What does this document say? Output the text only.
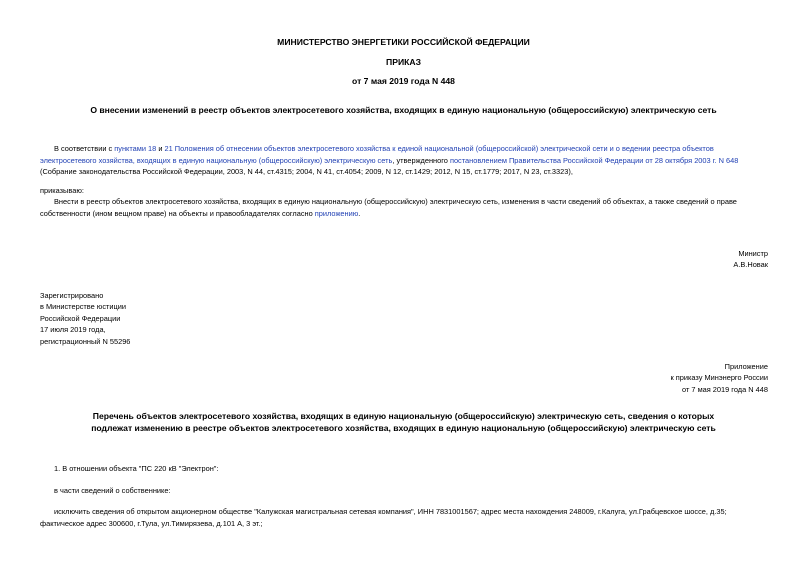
МИНИСТЕРСТВО ЭНЕРГЕТИКИ РОССИЙСКОЙ ФЕДЕРАЦИИ
ПРИКАЗ
от 7 мая 2019 года N 448
О внесении изменений в реестр объектов электросетевого хозяйства, входящих в единую национальную (общероссийскую) электрическую сеть
В соответствии с пунктами 18 и 21 Положения об отнесении объектов электросетевого хозяйства к единой национальной (общероссийской) электрической сети и о ведении реестра объектов электросетевого хозяйства, входящих в единую национальную (общероссийскую) электрическую сеть, утвержденного постановлением Правительства Российской Федерации от 28 октября 2003 г. N 648 (Собрание законодательства Российской Федерации, 2003, N 44, ст.4315; 2004, N 41, ст.4054; 2009, N 12, ст.1429; 2012, N 15, ст.1779; 2017, N 23, ст.3323),
приказываю:
Внести в реестр объектов электросетевого хозяйства, входящих в единую национальную (общероссийскую) электрическую сеть, изменения в части сведений об объектах, а также сведений о праве собственности (ином вещном праве) на объекты и правообладателях согласно приложению.
Министр
А.В.Новак
Зарегистрировано
в Министерстве юстиции
Российской Федерации
17 июля 2019 года,
регистрационный N 55296
Приложение
к приказу Минэнерго России
от 7 мая 2019 года N 448
Перечень объектов электросетевого хозяйства, входящих в единую национальную (общероссийскую) электрическую сеть, сведения о которых подлежат изменению в реестре объектов электросетевого хозяйства, входящих в единую национальную (общероссийскую) электрическую сеть
1. В отношении объекта "ПС 220 кВ "Электрон":
в части сведений о собственнике:
исключить сведения об открытом акционерном обществе "Калужская магистральная сетевая компания", ИНН 7831001567; адрес места нахождения 248009, г.Калуга, ул.Грабцевское шоссе, д.35; фактическое адрес 300600, г.Тула, ул.Тимирязева, д.101 А, 3 эт.;
